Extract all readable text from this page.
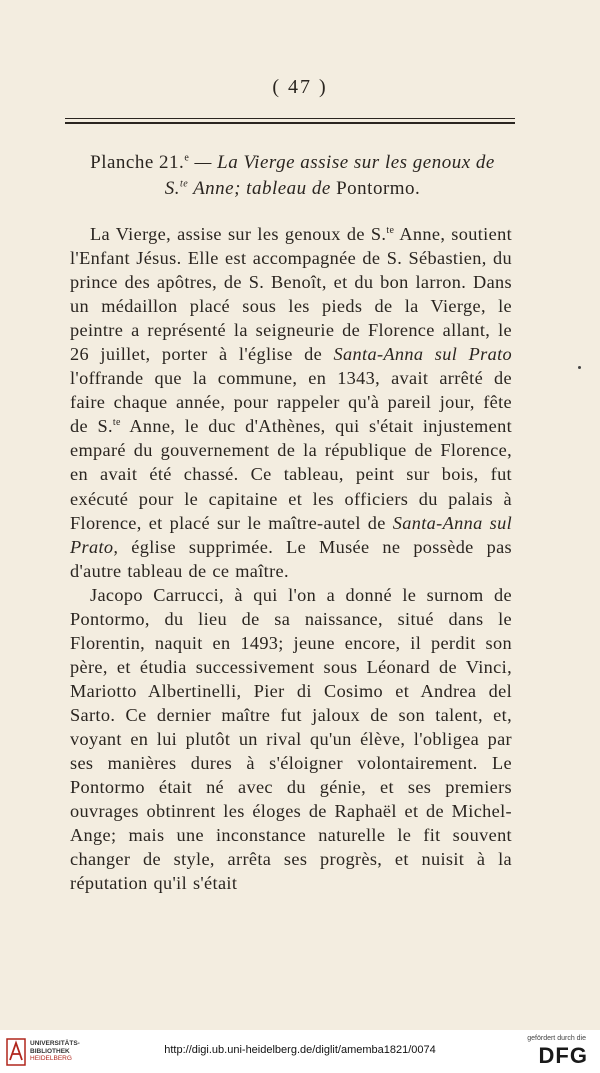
( 47 )
Planche 21.$^e$ — La Vierge assise sur les genoux de
S.$^{te}$ Anne; tableau de Pontormo.

La Vierge, assise sur les genoux de S.$^{te}$ Anne, soutient l'Enfant Jésus. Elle est accompagnée de S. Sébastien, du prince des apôtres, de S. Benoît, et du bon larron. Dans un médaillon placé sous les pieds de la Vierge, le peintre a représenté la seigneurie de Florence allant, le 26 juillet, porter à l'église de Santa-Anna sul Prato l'offrande que la commune, en 1343, avait arrêté de faire chaque année, pour rappeler qu'à pareil jour, fête de S.$^{te}$ Anne, le duc d'Athènes, qui s'était injustement emparé du gouvernement de la république de Florence, en avait été chassé. Ce tableau, peint sur bois, fut exécuté pour le capitaine et les officiers du palais à Florence, et placé sur le maître-autel de Santa-Anna sul Prato, église supprimée. Le Musée ne possède pas d'autre tableau de ce maître.

Jacopo Carrucci, à qui l'on a donné le surnom de Pontormo, du lieu de sa naissance, situé dans le Florentin, naquit en 1493; jeune encore, il perdit son père, et étudia successivement sous Léonard de Vinci, Mariotto Albertinelli, Pier di Cosimo et Andrea del Sarto. Ce dernier maître fut jaloux de son talent, et, voyant en lui plutôt un rival qu'un élève, l'obligea par ses manières dures à s'éloigner volontairement. Le Pontormo était né avec du génie, et ses premiers ouvrages obtinrent les éloges de Raphaël et de Michel-Ange; mais une inconstance naturelle le fit souvent changer de style, arrêta ses progrès, et nuisit à la réputation qu'il s'était

UNIVERSITÄTS-
BIBLIOTHEK
HEIDELBERG
http://digi.ub.uni-heidelberg.de/diglit/amemba1821/0074
gefördert durch die
DFG
